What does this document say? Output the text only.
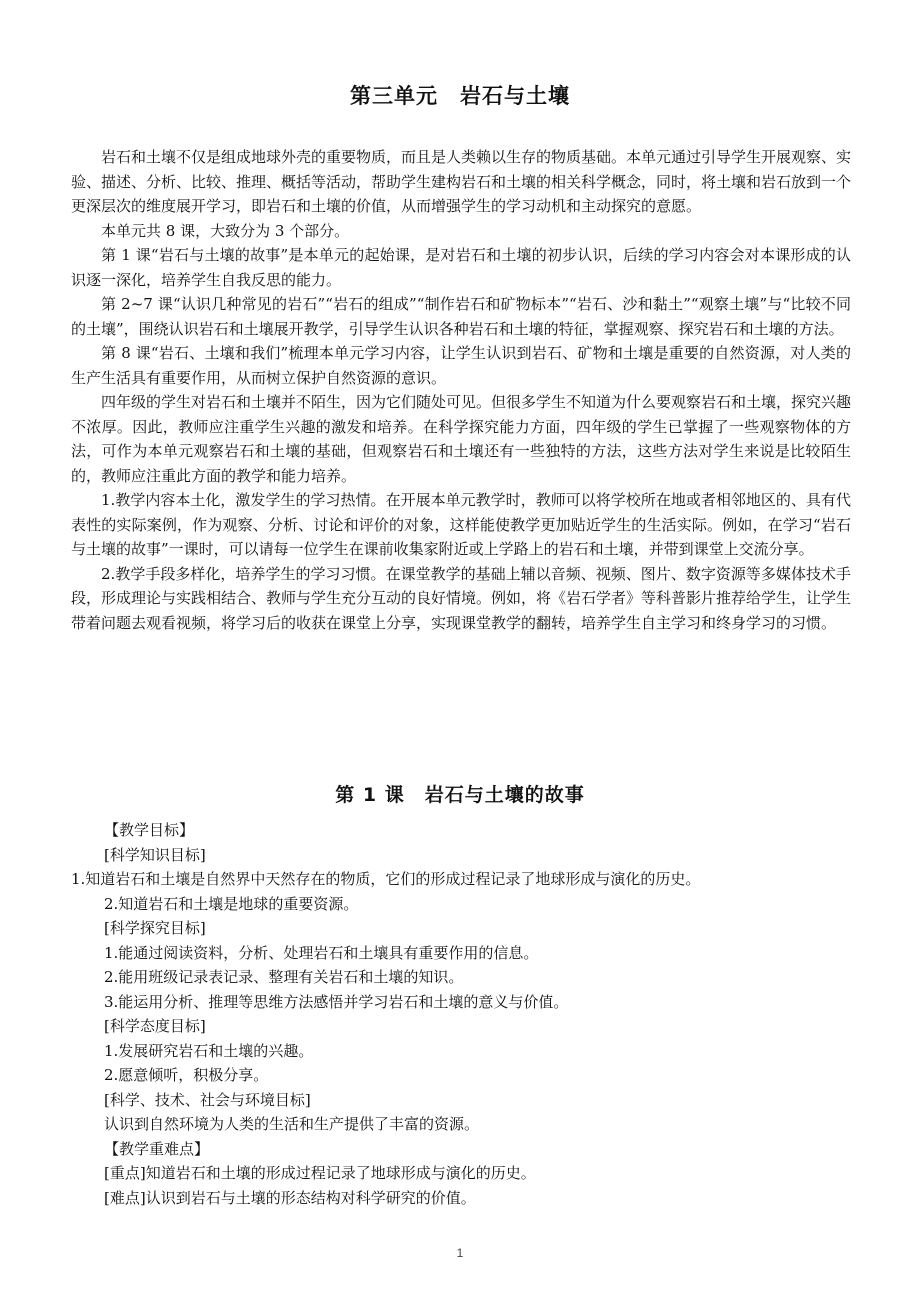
第三单元　岩石与土壤

岩石和土壤不仅是组成地球外壳的重要物质，而且是人类赖以生存的物质基础。本单元通过引导学生开展观察、实验、描述、分析、比较、推理、概括等活动，帮助学生建构岩石和土壤的相关科学概念，同时，将土壤和岩石放到一个更深层次的维度展开学习，即岩石和土壤的价值，从而增强学生的学习动机和主动探究的意愿。

本单元共 8 课，大致分为 3 个部分。

第 1 课“岩石与土壤的故事”是本单元的起始课，是对岩石和土壤的初步认识，后续的学习内容会对本课形成的认识逐一深化，培养学生自我反思的能力。

第 2~7 课“认识几种常见的岩石”“岩石的组成”“制作岩石和矿物标本”“岩石、沙和黏土”“观察土壤”与“比较不同的土壤”，围绕认识岩石和土壤展开教学，引导学生认识各种岩石和土壤的特征，掌握观察、探究岩石和土壤的方法。

第 8 课“岩石、土壤和我们”梳理本单元学习内容，让学生认识到岩石、矿物和土壤是重要的自然资源，对人类的生产生活具有重要作用，从而树立保护自然资源的意识。

四年级的学生对岩石和土壤并不陌生，因为它们随处可见。但很多学生不知道为什么要观察岩石和土壤，探究兴趣不浓厚。因此，教师应注重学生兴趣的激发和培养。在科学探究能力方面，四年级的学生已掌握了一些观察物体的方法，可作为本单元观察岩石和土壤的基础，但观察岩石和土壤还有一些独特的方法，这些方法对学生来说是比较陌生的，教师应注重此方面的教学和能力培养。

1.教学内容本土化，激发学生的学习热情。在开展本单元教学时，教师可以将学校所在地或者相邻地区的、具有代表性的实际案例，作为观察、分析、讨论和评价的对象，这样能使教学更加贴近学生的生活实际。例如，在学习“岩石与土壤的故事”一课时，可以请每一位学生在课前收集家附近或上学路上的岩石和土壤，并带到课堂上交流分享。

2.教学手段多样化，培养学生的学习习惯。在课堂教学的基础上辅以音频、视频、图片、数字资源等多媒体技术手段，形成理论与实践相结合、教师与学生充分互动的良好情境。例如，将《岩石学者》等科普影片推荐给学生，让学生带着问题去观看视频，将学习后的收获在课堂上分享，实现课堂教学的翻转，培养学生自主学习和终身学习的习惯。

第 1 课　岩石与土壤的故事

【教学目标】

[科学知识目标]

1.知道岩石和土壤是自然界中天然存在的物质，它们的形成过程记录了地球形成与演化的历史。

2.知道岩石和土壤是地球的重要资源。

[科学探究目标]

1.能通过阅读资料，分析、处理岩石和土壤具有重要作用的信息。

2.能用班级记录表记录、整理有关岩石和土壤的知识。

3.能运用分析、推理等思维方法感悟并学习岩石和土壤的意义与价值。

[科学态度目标]

1.发展研究岩石和土壤的兴趣。

2.愿意倾听，积极分享。

[科学、技术、社会与环境目标]

认识到自然环境为人类的生活和生产提供了丰富的资源。

【教学重难点】

[重点]知道岩石和土壤的形成过程记录了地球形成与演化的历史。

[难点]认识到岩石与土壤的形态结构对科学研究的价值。

1
